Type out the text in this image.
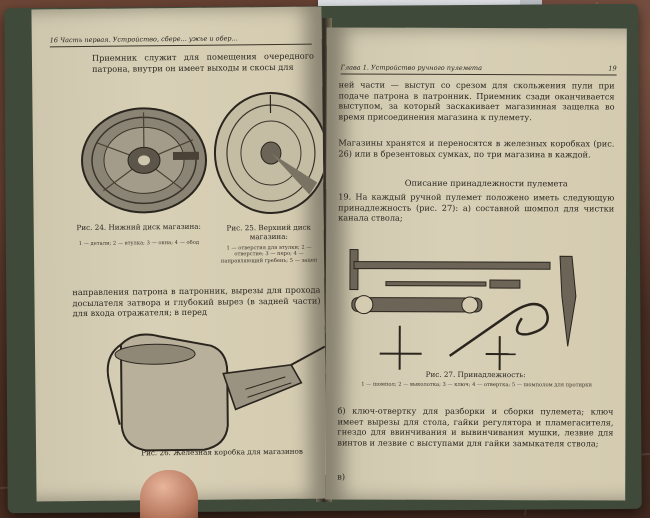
16 Часть первая. Устройство, сбере... ужье и обер...
Приемник служит для помещения очередного патрона, внутри он имеет выходы и скосы для
Рис. 24. Нижний диск магазина:
1 — детали; 2 — втулка; 3 — окна; 4 — обод
Рис. 25. Верхний диск магазина:
1 — отверстия для втулки; 2 — отверстие; 3 — перо; 4 — направляющий гребень; 5 — зацеп
направления патрона в патронник, вырезы для прохода досылателя затвора и глубокий вырез (в задней части) для входа отражателя; в перед
Рис. 26. Железная коробка для магазинов
Глава 1. Устройство ручного пулемета	19
ней части — выступ со срезом для скольжения пули при подаче патрона в патронник. Приемник сзади оканчивается выступом, за который заскакивает магазинная защелка во время присоединения магазина к пулемету.
Магазины хранятся и переносятся в железных коробках (рис. 26) или в брезентовых сумках, по три магазина в каждой.
Описание принадлежности пулемета
19. На каждый ручной пулемет положено иметь следующую принадлежность (рис. 27): а) составной шомпол для чистки канала ствола;
Рис. 27. Принадлежность:
1 — шомпол; 2 — выколотка; 3 — ключ; 4 — отвертка; 5 — шомполом для протирки
б) ключ-отвертку для разборки и сборки пулемета; ключ имеет вырезы для стола, гайки регулятора и пламегасителя, гнездо для ввинчивания и вывинчивания мушки, лезвие для винтов и лезвие с выступами для гайки замыкателя ствола;
в)
